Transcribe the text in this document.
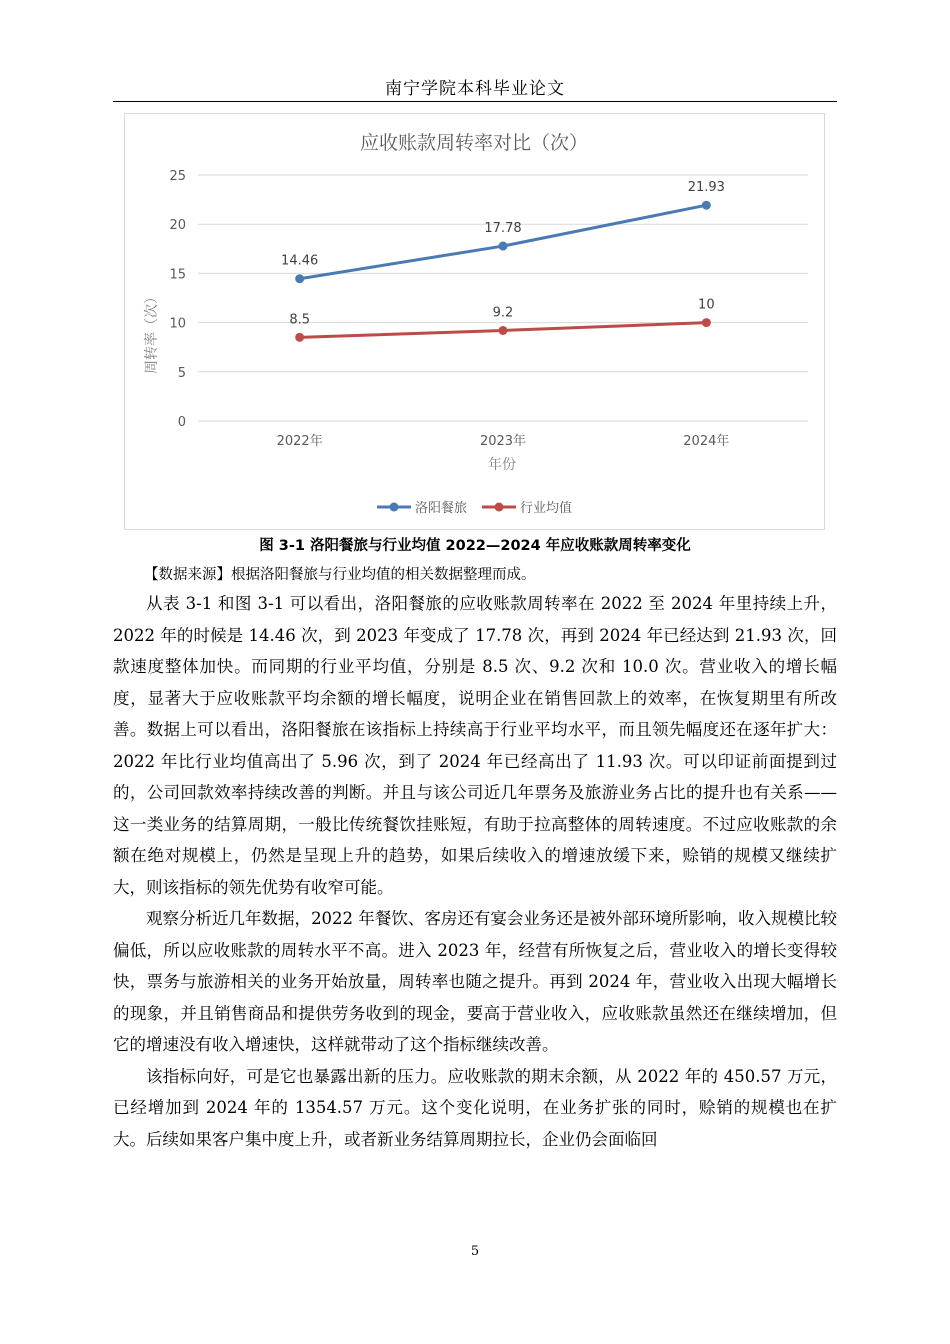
南宁学院本科毕业论文
应收账款周转率对比（次）
0
5
10
15
20
25
2022年	2023年	2024年
周转率（次）
年份
14.46
17.78
21.93
8.5	9.2
10
洛阳餐旅	行业均值
图 3-1 洛阳餐旅与行业均值 2022—2024 年应收账款周转率变化
【数据来源】根据洛阳餐旅与行业均值的相关数据整理而成。

从表 3-1 和图 3-1 可以看出，洛阳餐旅的应收账款周转率在 2022 至 2024 年里持续上升，2022 年的时候是 14.46 次，到 2023 年变成了 17.78 次，再到 2024 年已经达到 21.93 次，回款速度整体加快。而同期的行业平均值，分别是 8.5 次、9.2 次和 10.0 次。营业收入的增长幅度，显著大于应收账款平均余额的增长幅度，说明企业在销售回款上的效率，在恢复期里有所改善。数据上可以看出，洛阳餐旅在该指标上持续高于行业平均水平，而且领先幅度还在逐年扩大：2022 年比行业均值高出了 5.96 次，到了 2024 年已经高出了 11.93 次。可以印证前面提到过的，公司回款效率持续改善的判断。并且与该公司近几年票务及旅游业务占比的提升也有关系——这一类业务的结算周期，一般比传统餐饮挂账短，有助于拉高整体的周转速度。不过应收账款的余额在绝对规模上，仍然是呈现上升的趋势，如果后续收入的增速放缓下来，赊销的规模又继续扩大，则该指标的领先优势有收窄可能。

观察分析近几年数据，2022 年餐饮、客房还有宴会业务还是被外部环境所影响，收入规模比较偏低，所以应收账款的周转水平不高。进入 2023 年，经营有所恢复之后，营业收入的增长变得较快，票务与旅游相关的业务开始放量，周转率也随之提升。再到 2024 年，营业收入出现大幅增长的现象，并且销售商品和提供劳务收到的现金，要高于营业收入，应收账款虽然还在继续增加，但它的增速没有收入增速快，这样就带动了这个指标继续改善。

该指标向好，可是它也暴露出新的压力。应收账款的期末余额，从 2022 年的 450.57 万元，已经增加到 2024 年的 1354.57 万元。这个变化说明，在业务扩张的同时，赊销的规模也在扩大。后续如果客户集中度上升，或者新业务结算周期拉长，企业仍会面临回

5
